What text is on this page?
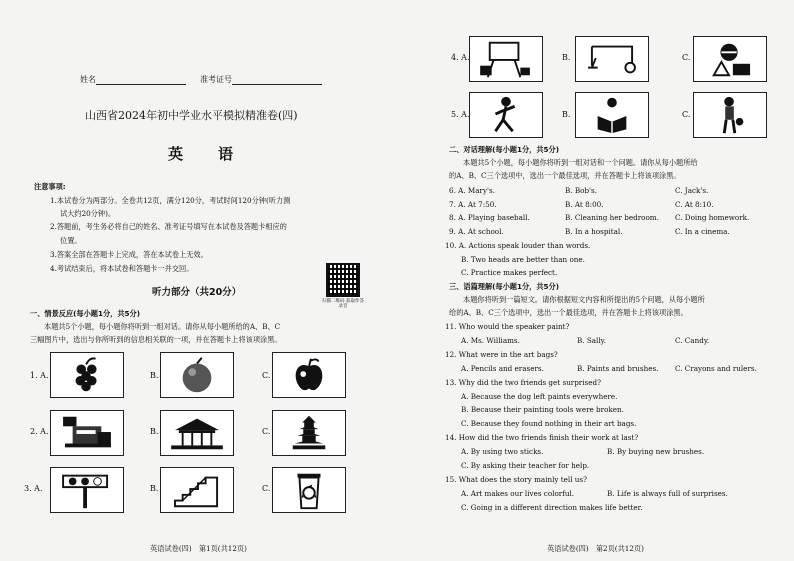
姓名	准考证号
山西省2024年初中学业水平模拟精准卷(四)
英　语
注意事项:
1.本试卷分为两部分。全卷共12页，满分120分，考试时间120分钟(听力测
试大约20分钟)。
2.答题前，考生务必将自己的姓名、准考证号填写在本试卷及答题卡相应的
位置。
3.答案全部在答题卡上完成，答在本试卷上无效。
4.考试结束后，将本试卷和答题卡一并交回。
扫描二维码 获取作答录音
听力部分（共20分）
一、情景反应(每小题1分，共5分)
本题共5个小题，每小题你将听到一组对话。请你从每小题所给的A、B、C
三幅图片中，选出与你所听到的信息相关联的一项，并在答题卡上将该项涂黑。
1. A.	B.	C.
2. A.	B.	C.
3. A.	B.	C.
英语试卷(四)　第1页(共12页)
4. A.	B.	C.
5. A.	B.	C.
二、对话理解(每小题1分，共5分)
本题共5个小题，每小题你将听到一组对话和一个问题。请你从每小题所给
的A、B、C三个选项中，选出一个最佳选项，并在答题卡上将该项涂黑。
6. A. Mary's.	B. Bob's.	C. Jack's.
7. A. At 7:50.	B. At 8:00.	C. At 8:10.
8. A. Playing baseball.	B. Cleaning her bedroom. C. Doing homework.
9. A. At school.	B. In a hospital.	C. In a cinema.
10. A. Actions speak louder than words.
B. Two heads are better than one.
C. Practice makes perfect.
三、语篇理解(每小题1分，共5分)
本题你将听到一篇短文。请你根据短文内容和所提出的5个问题，从每小题所
给的A、B、C三个选项中，选出一个最佳选项，并在答题卡上将该项涂黑。
11. Who would the speaker paint?
A. Ms. Williams.	B. Sally.	C. Candy.
12. What were in the art bags?
A. Pencils and erasers.	B. Paints and brushes. C. Crayons and rulers.
13. Why did the two friends get surprised?
A. Because the dog left paints everywhere.
B. Because their painting tools were broken.
C. Because they found nothing in their art bags.
14. How did the two friends finish their work at last?
A. By using two sticks.	B. By buying new brushes.
C. By asking their teacher for help.
15. What does the story mainly tell us?
A. Art makes our lives colorful.	B. Life is always full of surprises.
C. Going in a different direction makes life better.
英语试卷(四)　第2页(共12页)
